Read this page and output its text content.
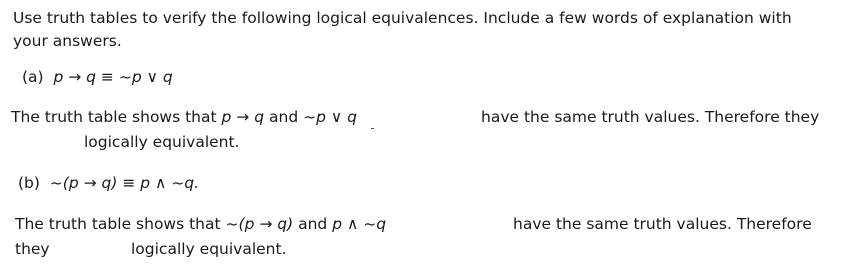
Use truth tables to verify the following logical equivalences. Include a few words of explanation with
your answers.
(a) p → q ≡ ~p ∨ q
The truth table shows that p → q and ~p ∨ q	have the same truth values. Therefore they
logically equivalent.
(b) ~(p → q) ≡ p ∧ ~q.
The truth table shows that ~(p → q) and p ∧ ~q	have the same truth values. Therefore
they	logically equivalent.
